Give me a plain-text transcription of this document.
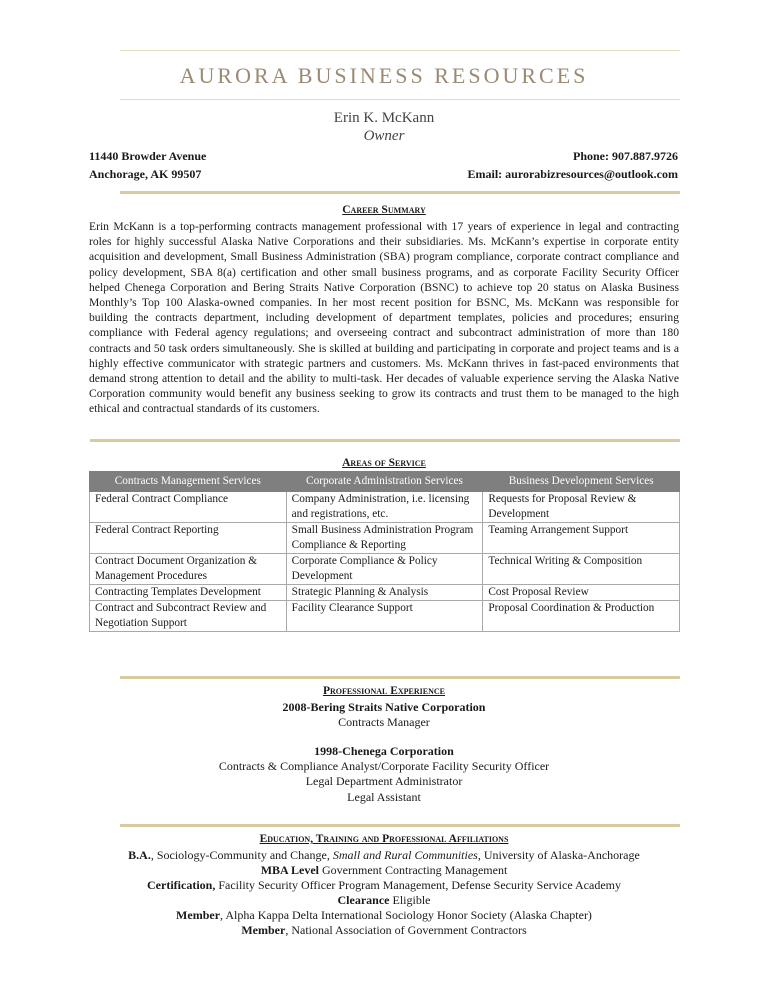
AURORA BUSINESS RESOURCES
Erin K. McKann
Owner
11440 Browder Avenue
Anchorage, AK 99507
Phone: 907.887.9726
Email: aurorabizresources@outlook.com
Career Summary

Erin McKann is a top-performing contracts management professional with 17 years of experience in legal and contracting roles for highly successful Alaska Native Corporations and their subsidiaries. Ms. McKann’s expertise in corporate entity acquisition and development, Small Business Administration (SBA) program compliance, corporate contract compliance and policy development, SBA 8(a) certification and other small business programs, and as corporate Facility Security Officer helped Chenega Corporation and Bering Straits Native Corporation (BSNC) to achieve top 20 status on Alaska Business Monthly’s Top 100 Alaska-owned companies. In her most recent position for BSNC, Ms. McKann was responsible for building the contracts department, including development of department templates, policies and procedures; ensuring compliance with Federal agency regulations; and overseeing contract and subcontract administration of more than 180 contracts and 50 task orders simultaneously. She is skilled at building and participating in corporate and project teams and is a highly effective communicator with strategic partners and customers. Ms. McKann thrives in fast-paced environments that demand strong attention to detail and the ability to multi-task. Her decades of valuable experience serving the Alaska Native Corporation community would benefit any business seeking to grow its contracts and trust them to be managed to the high ethical and contractual standards of its customers.

Areas of Service
Contracts Management Services	Corporate Administration Services	Business Development Services
Federal Contract Compliance	Company Administration, i.e. licensing and registrations, etc.	Requests for Proposal Review & Development
Federal Contract Reporting	Small Business Administration Program Compliance & Reporting	Teaming Arrangement Support
Contract Document Organization & Management Procedures	Corporate Compliance & Policy Development	Technical Writing & Composition
Contracting Templates Development	Strategic Planning & Analysis	Cost Proposal Review
Contract and Subcontract Review and Negotiation Support	Facility Clearance Support	Proposal Coordination & Production
Professional Experience
2008-Bering Straits Native Corporation
Contracts Manager
1998-Chenega Corporation
Contracts & Compliance Analyst/Corporate Facility Security Officer
Legal Department Administrator
Legal Assistant
Education, Training and Professional Affiliations
B.A., Sociology-Community and Change, Small and Rural Communities, University of Alaska-Anchorage
MBA Level Government Contracting Management
Certification, Facility Security Officer Program Management, Defense Security Service Academy
Clearance Eligible
Member, Alpha Kappa Delta International Sociology Honor Society (Alaska Chapter)
Member, National Association of Government Contractors
